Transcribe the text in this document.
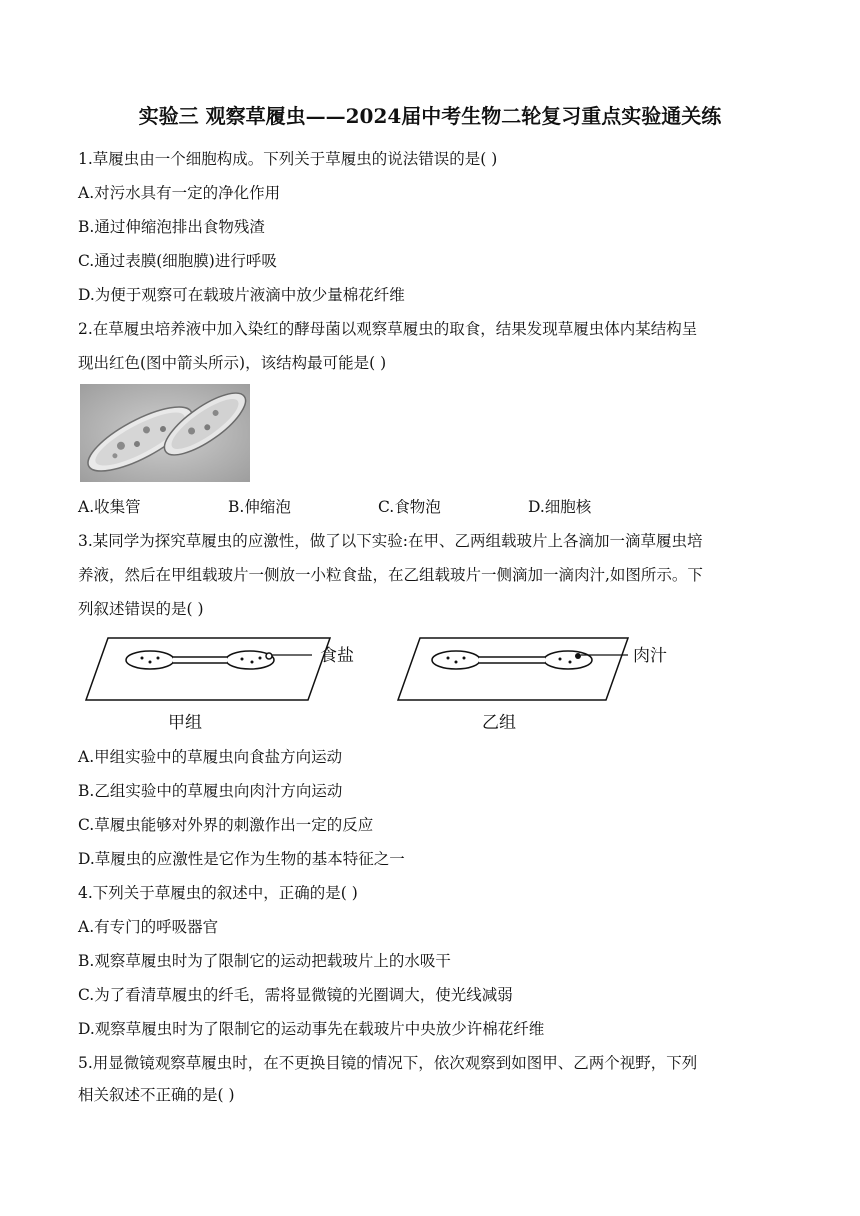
实验三 观察草履虫——2024届中考生物二轮复习重点实验通关练
1.草履虫由一个细胞构成。下列关于草履虫的说法错误的是( )
A.对污水具有一定的净化作用
B.通过伸缩泡排出食物残渣
C.通过表膜(细胞膜)进行呼吸
D.为便于观察可在载玻片液滴中放少量棉花纤维
2.在草履虫培养液中加入染红的酵母菌以观察草履虫的取食，结果发现草履虫体内某结构呈
现出红色(图中箭头所示)，该结构最可能是( )
A.收集管	B.伸缩泡	C.食物泡	D.细胞核
3.某同学为探究草履虫的应激性，做了以下实验:在甲、乙两组载玻片上各滴加一滴草履虫培
养液，然后在甲组载玻片一侧放一小粒食盐，在乙组载玻片一侧滴加一滴肉汁,如图所示。下
列叙述错误的是( )
食盐	肉汁
甲组	乙组
A.甲组实验中的草履虫向食盐方向运动
B.乙组实验中的草履虫向肉汁方向运动
C.草履虫能够对外界的刺激作出一定的反应
D.草履虫的应激性是它作为生物的基本特征之一
4.下列关于草履虫的叙述中，正确的是( )
A.有专门的呼吸器官
B.观察草履虫时为了限制它的运动把载玻片上的水吸干
C.为了看清草履虫的纤毛，需将显微镜的光圈调大，使光线减弱
D.观察草履虫时为了限制它的运动事先在载玻片中央放少许棉花纤维
5.用显微镜观察草履虫时，在不更换目镜的情况下，依次观察到如图甲、乙两个视野，下列
相关叙述不正确的是( )
